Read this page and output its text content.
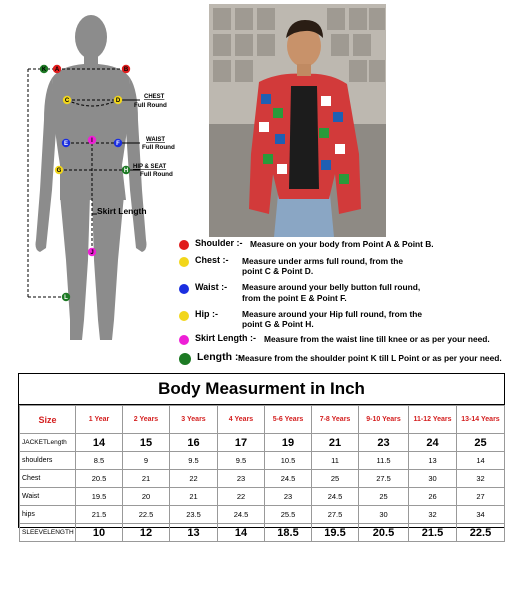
K A	B
C	D
E	I	F
G	H
J
L
CHEST
Full Round
WAIST
Full Round
HIP & SEAT
Full Round
Skirt Length
Shoulder :- Measure on your body from Point A & Point B.
Chest :- Measure under arms full round, from the
point C & Point D.
Waist :- Measure around your belly button full round,
from the point E & Point F.
Hip :-	Measure around your Hip full round, from the
point G & Point H.
Skirt Length :- Measure from the waist line till knee or as per your need.
Length :-
Measure from the shoulder point K till L Point or as per your need.
Body Measurment in Inch
Size	1 Year	2 Years	3 Years	4 Years	5-6 Years	7-8 Years	9-10 Years	11-12 Years	13-14 Years
JACKETLength	14	15	16	17	19	21	23	24	25
shoulders	8.5	9	9.5	9.5	10.5	11	11.5	13	14
Chest	20.5	21	22	23	24.5	25	27.5	30	32
Waist	19.5	20	21	22	23	24.5	25	26	27
hips	21.5	22.5	23.5	24.5	25.5	27.5	30	32	34
SLEEVELENGTH	10	12	13	14	18.5	19.5	20.5	21.5	22.5
